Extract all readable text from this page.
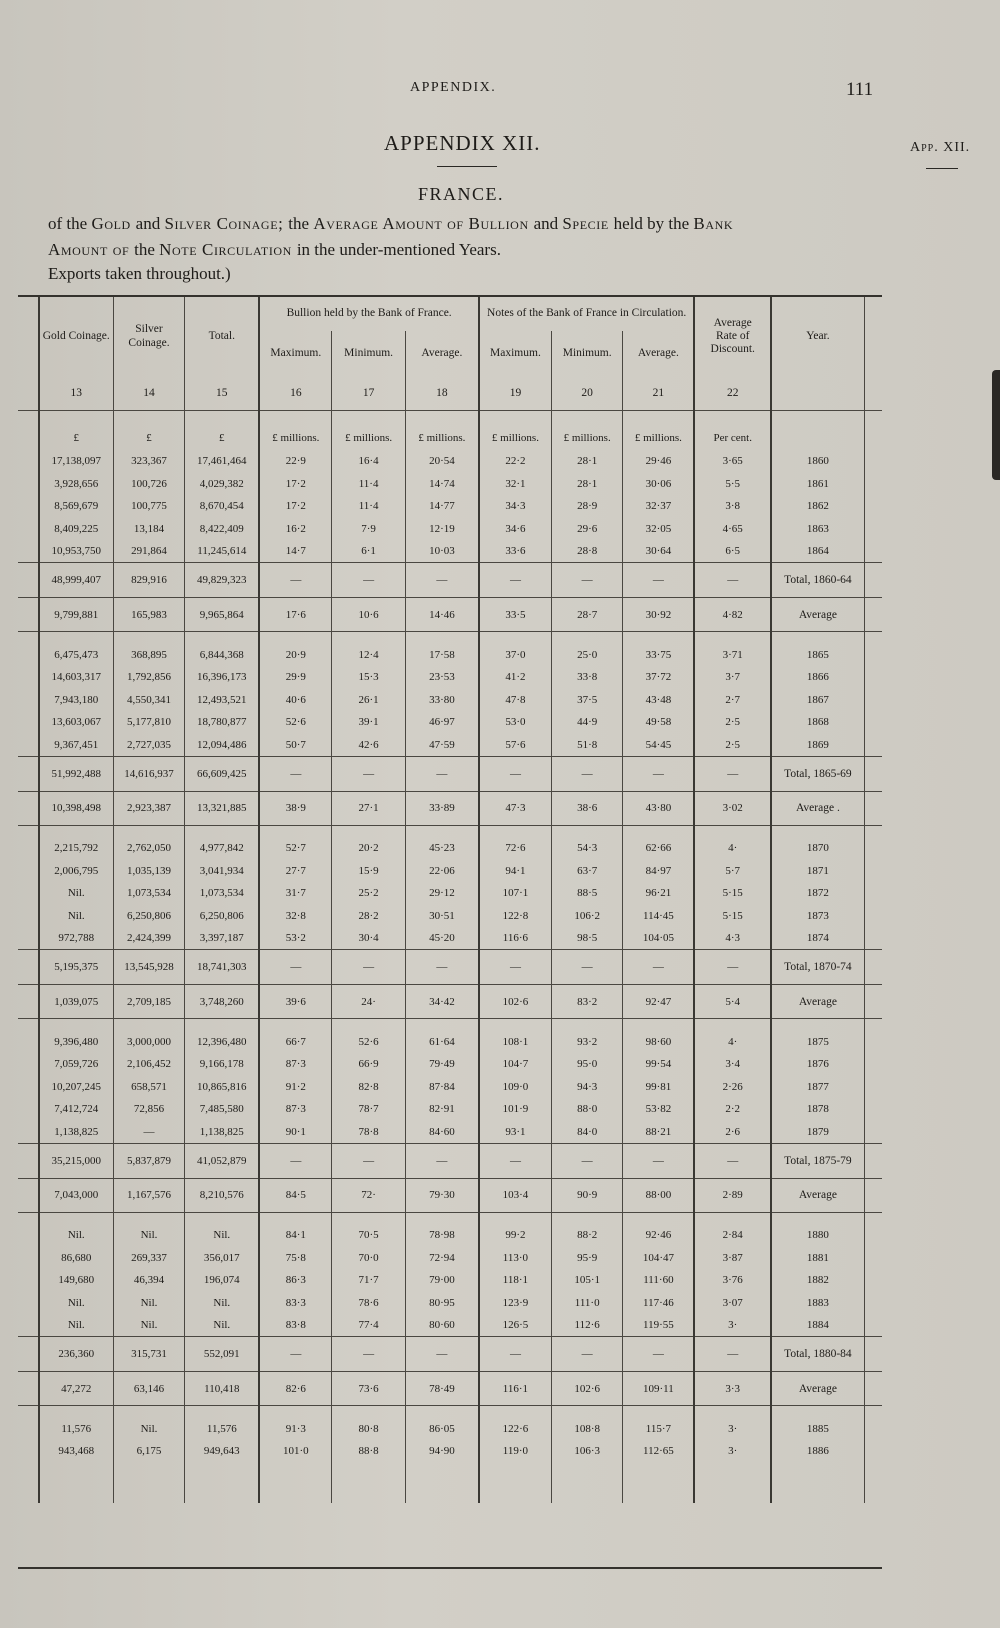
APPENDIX.	111
APPENDIX XII.	App. XII.
FRANCE.
of the Gold and Silver Coinage; the Average Amount of Bullion and Specie held by the Bank
Amount of the Note Circulation in the under-mentioned Years.
Exports taken throughout.)
	Gold Coinage.	Silver Coinage.	Total.	Bullion held by the Bank of France.			Notes of the Bank of France in Circulation.			Average Rate of Discount.	Year.	
				Maximum.	Minimum.	Average.	Maximum.	Minimum.	Average.			
	13	14	15	16	17	18	19	20	21	22		

	£	£	£	£ millions.	£ millions.	£ millions.	£ millions.	£ millions.	£ millions.	Per cent.		
	17,138,097	323,367	17,461,464	22·9	16·4	20·54	22·2	28·1	29·46	3·65	1860	
	3,928,656	100,726	4,029,382	17·2	11·4	14·74	32·1	28·1	30·06	5·5	1861	
	8,569,679	100,775	8,670,454	17·2	11·4	14·77	34·3	28·9	32·37	3·8	1862	
	8,409,225	13,184	8,422,409	16·2	7·9	12·19	34·6	29·6	32·05	4·65	1863	
	10,953,750	291,864	11,245,614	14·7	6·1	10·03	33·6	28·8	30·64	6·5	1864	
	48,999,407	829,916	49,829,323	—	—	—	—	—	—	—	Total, 1860-64	
	9,799,881	165,983	9,965,864	17·6	10·6	14·46	33·5	28·7	30·92	4·82	Average	

	6,475,473	368,895	6,844,368	20·9	12·4	17·58	37·0	25·0	33·75	3·71	1865	
	14,603,317	1,792,856	16,396,173	29·9	15·3	23·53	41·2	33·8	37·72	3·7	1866	
	7,943,180	4,550,341	12,493,521	40·6	26·1	33·80	47·8	37·5	43·48	2·7	1867	
	13,603,067	5,177,810	18,780,877	52·6	39·1	46·97	53·0	44·9	49·58	2·5	1868	
	9,367,451	2,727,035	12,094,486	50·7	42·6	47·59	57·6	51·8	54·45	2·5	1869	
	51,992,488	14,616,937	66,609,425	—	—	—	—	—	—	—	Total, 1865-69	
	10,398,498	2,923,387	13,321,885	38·9	27·1	33·89	47·3	38·6	43·80	3·02	Average .	

	2,215,792	2,762,050	4,977,842	52·7	20·2	45·23	72·6	54·3	62·66	4·	1870	
	2,006,795	1,035,139	3,041,934	27·7	15·9	22·06	94·1	63·7	84·97	5·7	1871	
	Nil.	1,073,534	1,073,534	31·7	25·2	29·12	107·1	88·5	96·21	5·15	1872	
	Nil.	6,250,806	6,250,806	32·8	28·2	30·51	122·8	106·2	114·45	5·15	1873	
	972,788	2,424,399	3,397,187	53·2	30·4	45·20	116·6	98·5	104·05	4·3	1874	
	5,195,375	13,545,928	18,741,303	—	—	—	—	—	—	—	Total, 1870-74	
	1,039,075	2,709,185	3,748,260	39·6	24·	34·42	102·6	83·2	92·47	5·4	Average	

	9,396,480	3,000,000	12,396,480	66·7	52·6	61·64	108·1	93·2	98·60	4·	1875	
	7,059,726	2,106,452	9,166,178	87·3	66·9	79·49	104·7	95·0	99·54	3·4	1876	
	10,207,245	658,571	10,865,816	91·2	82·8	87·84	109·0	94·3	99·81	2·26	1877	
	7,412,724	72,856	7,485,580	87·3	78·7	82·91	101·9	88·0	53·82	2·2	1878	
	1,138,825	—	1,138,825	90·1	78·8	84·60	93·1	84·0	88·21	2·6	1879	
	35,215,000	5,837,879	41,052,879	—	—	—	—	—	—	—	Total, 1875-79	
	7,043,000	1,167,576	8,210,576	84·5	72·	79·30	103·4	90·9	88·00	2·89	Average	

	Nil.	Nil.	Nil.	84·1	70·5	78·98	99·2	88·2	92·46	2·84	1880	
	86,680	269,337	356,017	75·8	70·0	72·94	113·0	95·9	104·47	3·87	1881	
	149,680	46,394	196,074	86·3	71·7	79·00	118·1	105·1	111·60	3·76	1882	
	Nil.	Nil.	Nil.	83·3	78·6	80·95	123·9	111·0	117·46	3·07	1883	
	Nil.	Nil.	Nil.	83·8	77·4	80·60	126·5	112·6	119·55	3·	1884	
	236,360	315,731	552,091	—	—	—	—	—	—	—	Total, 1880-84	
	47,272	63,146	110,418	82·6	73·6	78·49	116·1	102·6	109·11	3·3	Average	

	11,576	Nil.	11,576	91·3	80·8	86·05	122·6	108·8	115·7	3·	1885	
	943,468	6,175	949,643	101·0	88·8	94·90	119·0	106·3	112·65	3·	1886	
